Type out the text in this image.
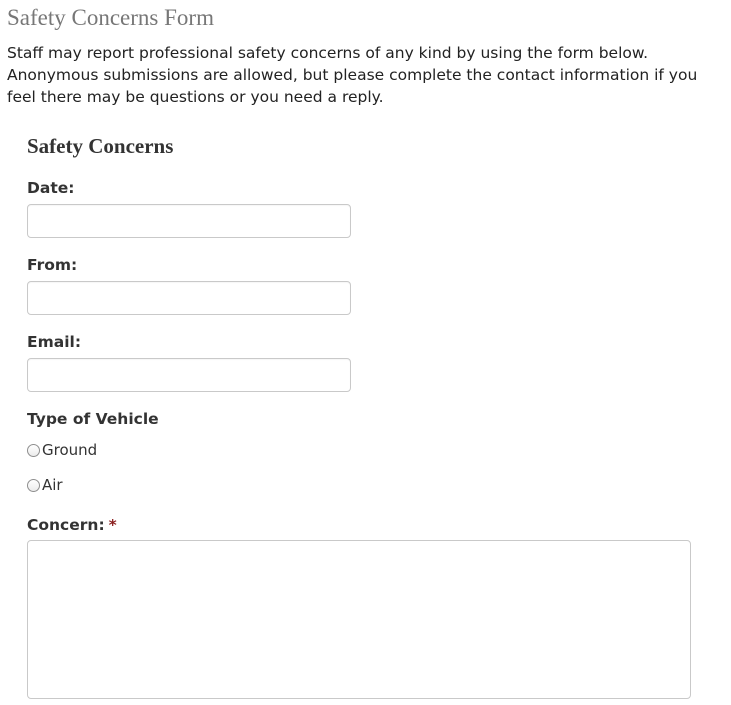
Safety Concerns Form

Staff may report professional safety concerns of any kind by using the form below.
Anonymous submissions are allowed, but please complete the contact information if you
feel there may be questions or you need a reply.

Safety Concerns
Date:
From:
Email:
Type of Vehicle
Ground
Air
Concern: *
